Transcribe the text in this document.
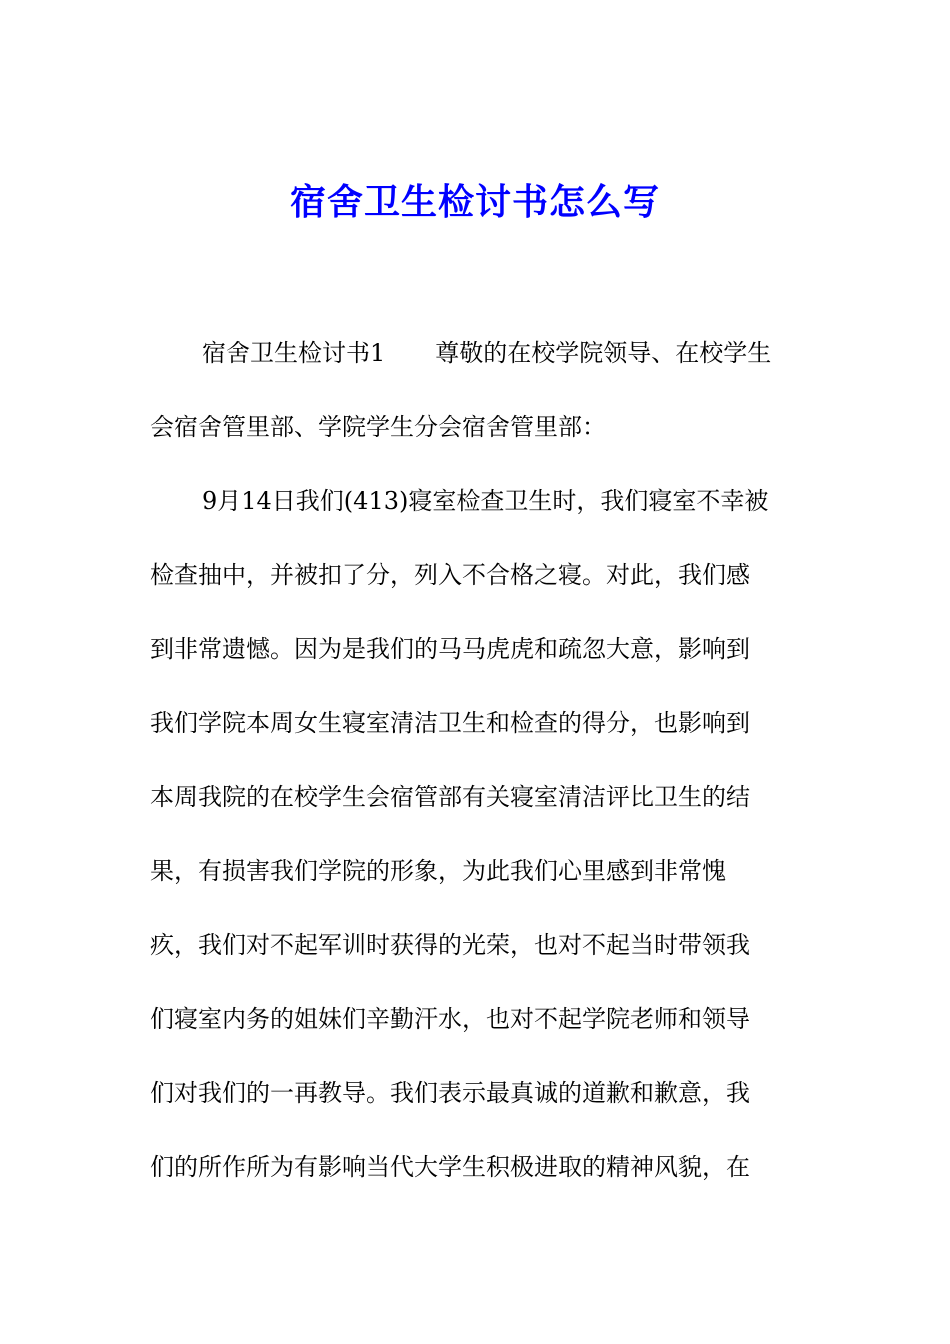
宿舍卫生检讨书怎么写
宿舍卫生检讨书1 尊敬的在校学院领导、在校学生
会宿舍管里部、学院学生分会宿舍管里部：
9月14日我们(413)寝室检查卫生时，我们寝室不幸被
检查抽中，并被扣了分，列入不合格之寝。对此，我们感
到非常遗憾。因为是我们的马马虎虎和疏忽大意，影响到
我们学院本周女生寝室清洁卫生和检查的得分，也影响到
本周我院的在校学生会宿管部有关寝室清洁评比卫生的结
果，有损害我们学院的形象，为此我们心里感到非常愧
疚，我们对不起军训时获得的光荣，也对不起当时带领我
们寝室内务的姐妹们辛勤汗水，也对不起学院老师和领导
们对我们的一再教导。我们表示最真诚的道歉和歉意，我
们的所作所为有影响当代大学生积极进取的精神风貌，在
